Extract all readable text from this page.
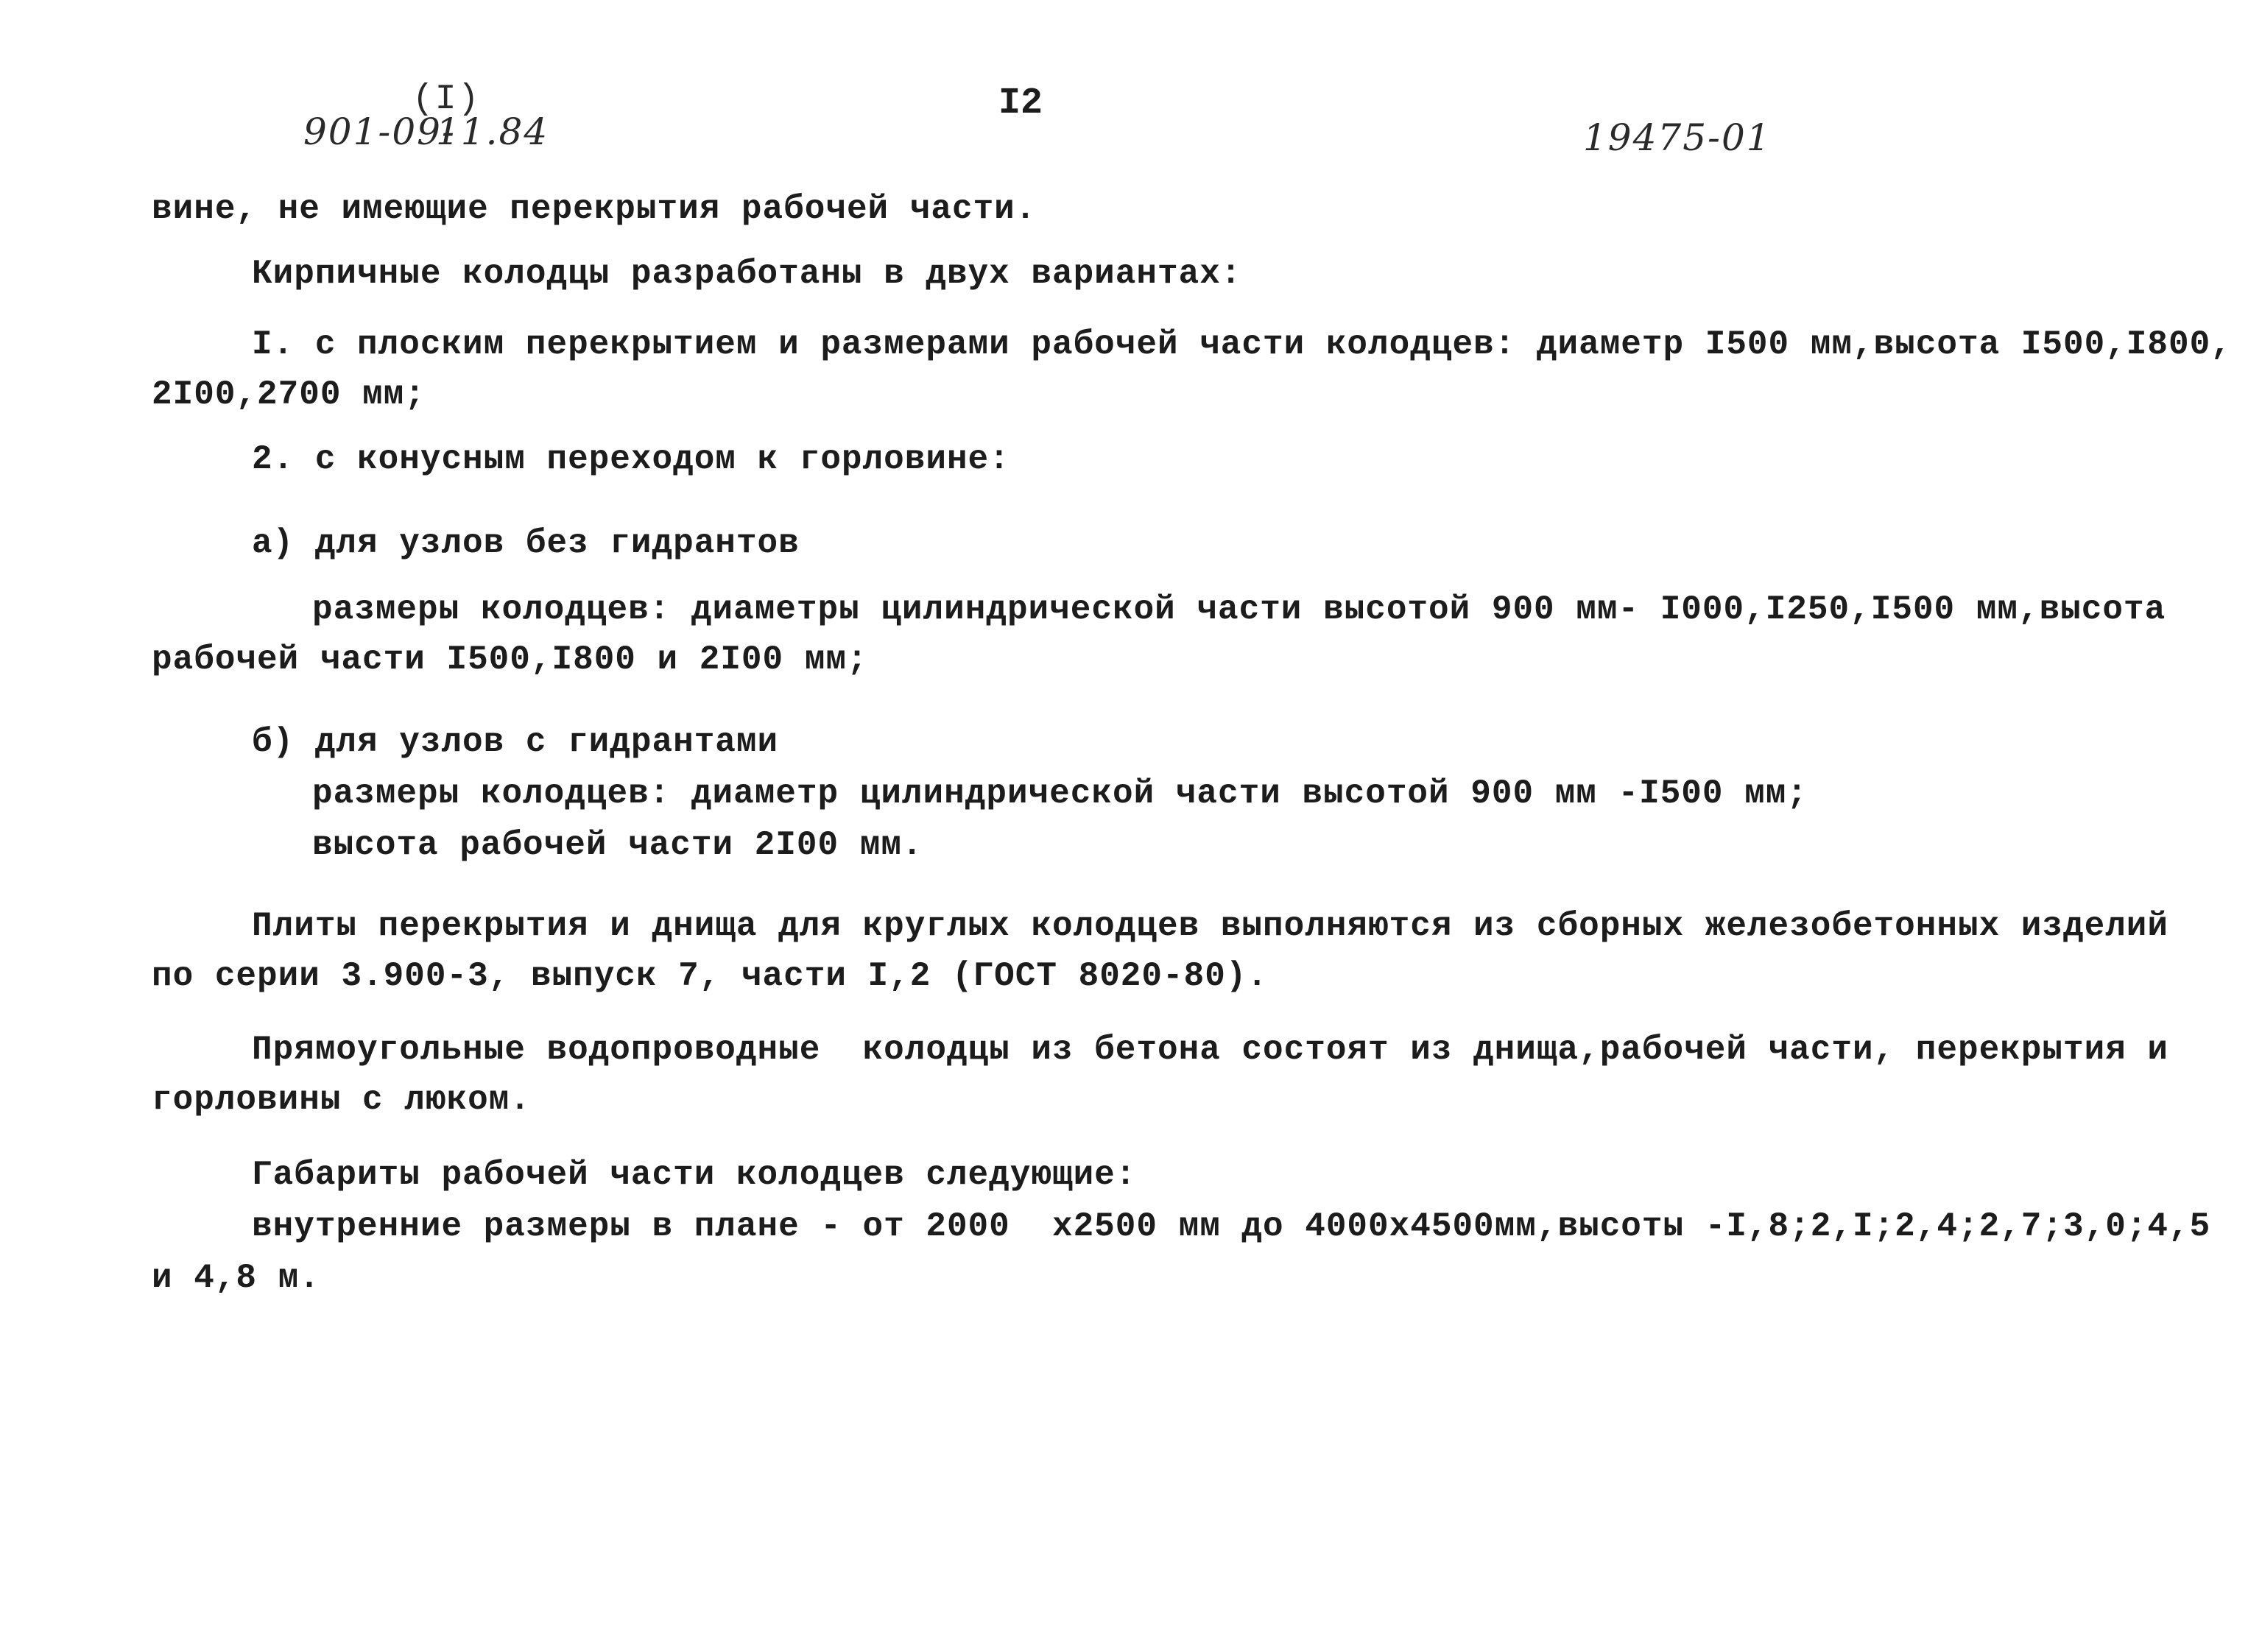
901-09-
(I)
11.84
I2
19475-01
вине, не имеющие перекрытия рабочей части.
Кирпичные колодцы разработаны в двух вариантах:
I. с плоским перекрытием и размерами рабочей части колодцев: диаметр I500 мм,высота I500,I800,
2I00,2700 мм;
2. с конусным переходом к горловине:
а) для узлов без гидрантов
размеры колодцев: диаметры цилиндрической части высотой 900 мм- I000,I250,I500 мм,высота
рабочей части I500,I800 и 2I00 мм;
б) для узлов с гидрантами
размеры колодцев: диаметр цилиндрической части высотой 900 мм -I500 мм;
высота рабочей части 2I00 мм.
Плиты перекрытия и днища для круглых колодцев выполняются из сборных железобетонных изделий
по серии 3.900-3, выпуск 7, части I,2 (ГОСТ 8020-80).
Прямоугольные водопроводные  колодцы из бетона состоят из днища,рабочей части, перекрытия и
горловины с люком.
Габариты рабочей части колодцев следующие:
внутренние размеры в плане - от 2000  x2500 мм до 4000x4500мм,высоты -I,8;2,I;2,4;2,7;3,0;4,5
и 4,8 м.
